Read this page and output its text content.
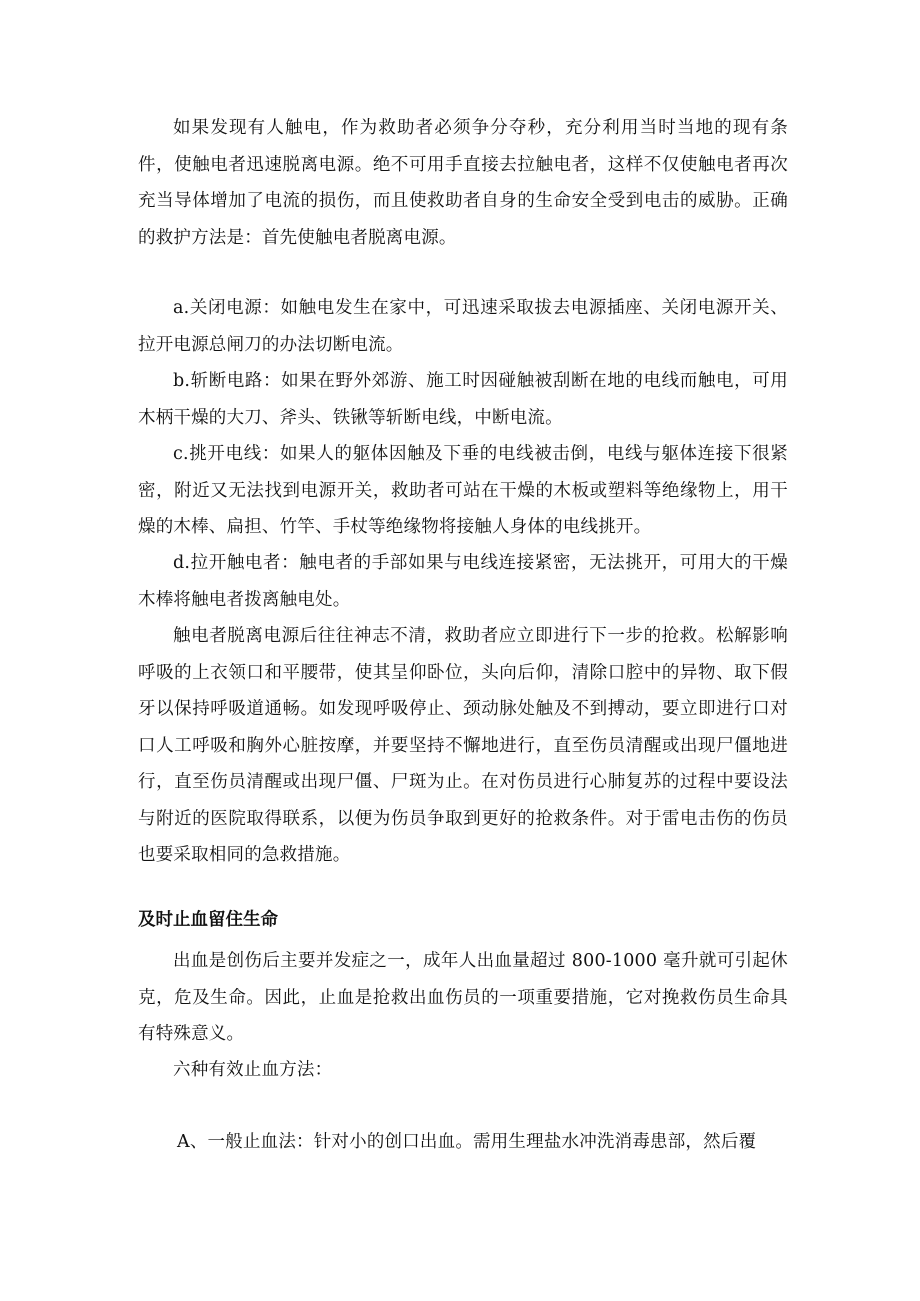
如果发现有人触电，作为救助者必须争分夺秒，充分利用当时当地的现有条件，使触电者迅速脱离电源。绝不可用手直接去拉触电者，这样不仅使触电者再次充当导体增加了电流的损伤，而且使救助者自身的生命安全受到电击的威胁。正确的救护方法是：首先使触电者脱离电源。

a.关闭电源：如触电发生在家中，可迅速采取拔去电源插座、关闭电源开关、拉开电源总闸刀的办法切断电流。

b.斩断电路：如果在野外郊游、施工时因碰触被刮断在地的电线而触电，可用木柄干燥的大刀、斧头、铁锹等斩断电线，中断电流。

c.挑开电线：如果人的躯体因触及下垂的电线被击倒，电线与躯体连接下很紧密，附近又无法找到电源开关，救助者可站在干燥的木板或塑料等绝缘物上，用干燥的木棒、扁担、竹竿、手杖等绝缘物将接触人身体的电线挑开。

d.拉开触电者：触电者的手部如果与电线连接紧密，无法挑开，可用大的干燥木棒将触电者拨离触电处。

触电者脱离电源后往往神志不清，救助者应立即进行下一步的抢救。松解影响呼吸的上衣领口和平腰带，使其呈仰卧位，头向后仰，清除口腔中的异物、取下假牙以保持呼吸道通畅。如发现呼吸停止、颈动脉处触及不到搏动，要立即进行口对口人工呼吸和胸外心脏按摩，并要坚持不懈地进行，直至伤员清醒或出现尸僵地进行，直至伤员清醒或出现尸僵、尸斑为止。在对伤员进行心肺复苏的过程中要设法与附近的医院取得联系，以便为伤员争取到更好的抢救条件。对于雷电击伤的伤员也要采取相同的急救措施。

及时止血留住生命

出血是创伤后主要并发症之一，成年人出血量超过 800-1000 毫升就可引起休克，危及生命。因此，止血是抢救出血伤员的一项重要措施，它对挽救伤员生命具有特殊意义。

六种有效止血方法：

A、一般止血法：针对小的创口出血。需用生理盐水冲洗消毒患部，然后覆
